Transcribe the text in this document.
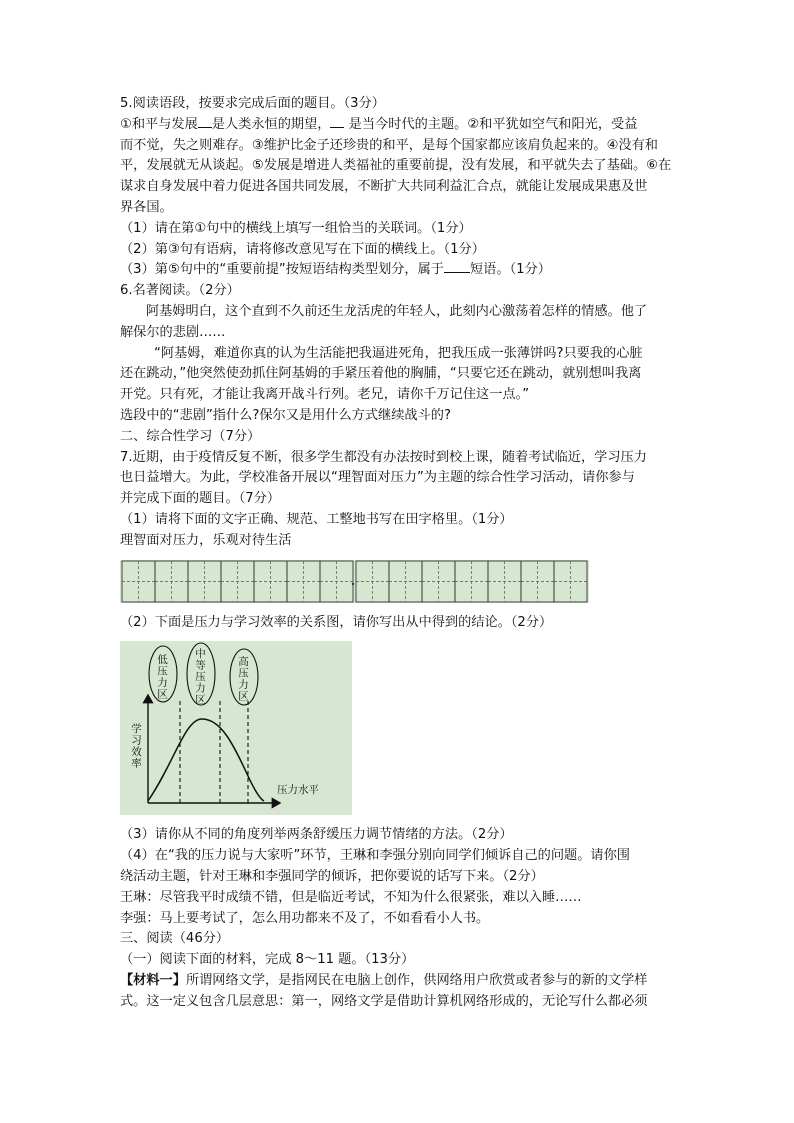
5.阅读语段，按要求完成后面的题目。（3分）
①和平与发展 是人类永恒的期望， 是当今时代的主题。②和平犹如空气和阳光，受益
而不觉，失之则难存。③维护比金子还珍贵的和平，是每个国家都应该肩负起来的。④没有和
平，发展就无从谈起。⑤发展是增进人类福祉的重要前提，没有发展，和平就失去了基础。⑥在
谋求自身发展中着力促进各国共同发展，不断扩大共同利益汇合点，就能让发展成果惠及世
界各国。
（1）请在第①句中的横线上填写一组恰当的关联词。（1分）
（2）第③句有语病，请将修改意见写在下面的横线上。（1分）
（3）第⑤句中的“重要前提”按短语结构类型划分，属于 短语。（1分）
6.名著阅读。（2分）
阿基姆明白，这个直到不久前还生龙活虎的年轻人，此刻内心激荡着怎样的情感。他了
解保尔的悲剧……
“阿基姆，难道你真的认为生活能把我逼进死角，把我压成一张薄饼吗?只要我的心脏
还在跳动，”他突然使劲抓住阿基姆的手紧压着他的胸脯，“只要它还在跳动，就别想叫我离
开党。只有死，才能让我离开战斗行列。老兄，请你千万记住这一点。”
选段中的“悲剧”指什么?保尔又是用什么方式继续战斗的?
二、综合性学习（7分）
7.近期，由于疫情反复不断，很多学生都没有办法按时到校上课，随着考试临近，学习压力
也日益增大。为此，学校准备开展以“理智面对压力”为主题的综合性学习活动，请你参与
并完成下面的题目。（7分）
（1）请将下面的文字正确、规范、工整地书写在田字格里。（1分）
理智面对压力，乐观对待生活
（2）下面是压力与学习效率的关系图，请你写出从中得到的结论。（2分）
低压力区 中等压力区	高压力区
学习效率
压力水平
（3）请你从不同的角度列举两条舒缓压力调节情绪的方法。（2分）
（4）在“我的压力说与大家听”环节，王琳和李强分别向同学们倾诉自己的问题。请你围
绕活动主题，针对王琳和李强同学的倾诉，把你要说的话写下来。（2分）
王琳：尽管我平时成绩不错，但是临近考试，不知为什么很紧张，难以入睡……
李强：马上要考试了，怎么用功都来不及了，不如看看小人书。
三、阅读（46分）
（一）阅读下面的材料，完成 8～11 题。（13分）
【材料一】所谓网络文学，是指网民在电脑上创作，供网络用户欣赏或者参与的新的文学样
式。这一定义包含几层意思：第一，网络文学是借助计算机网络形成的，无论写什么都必须
